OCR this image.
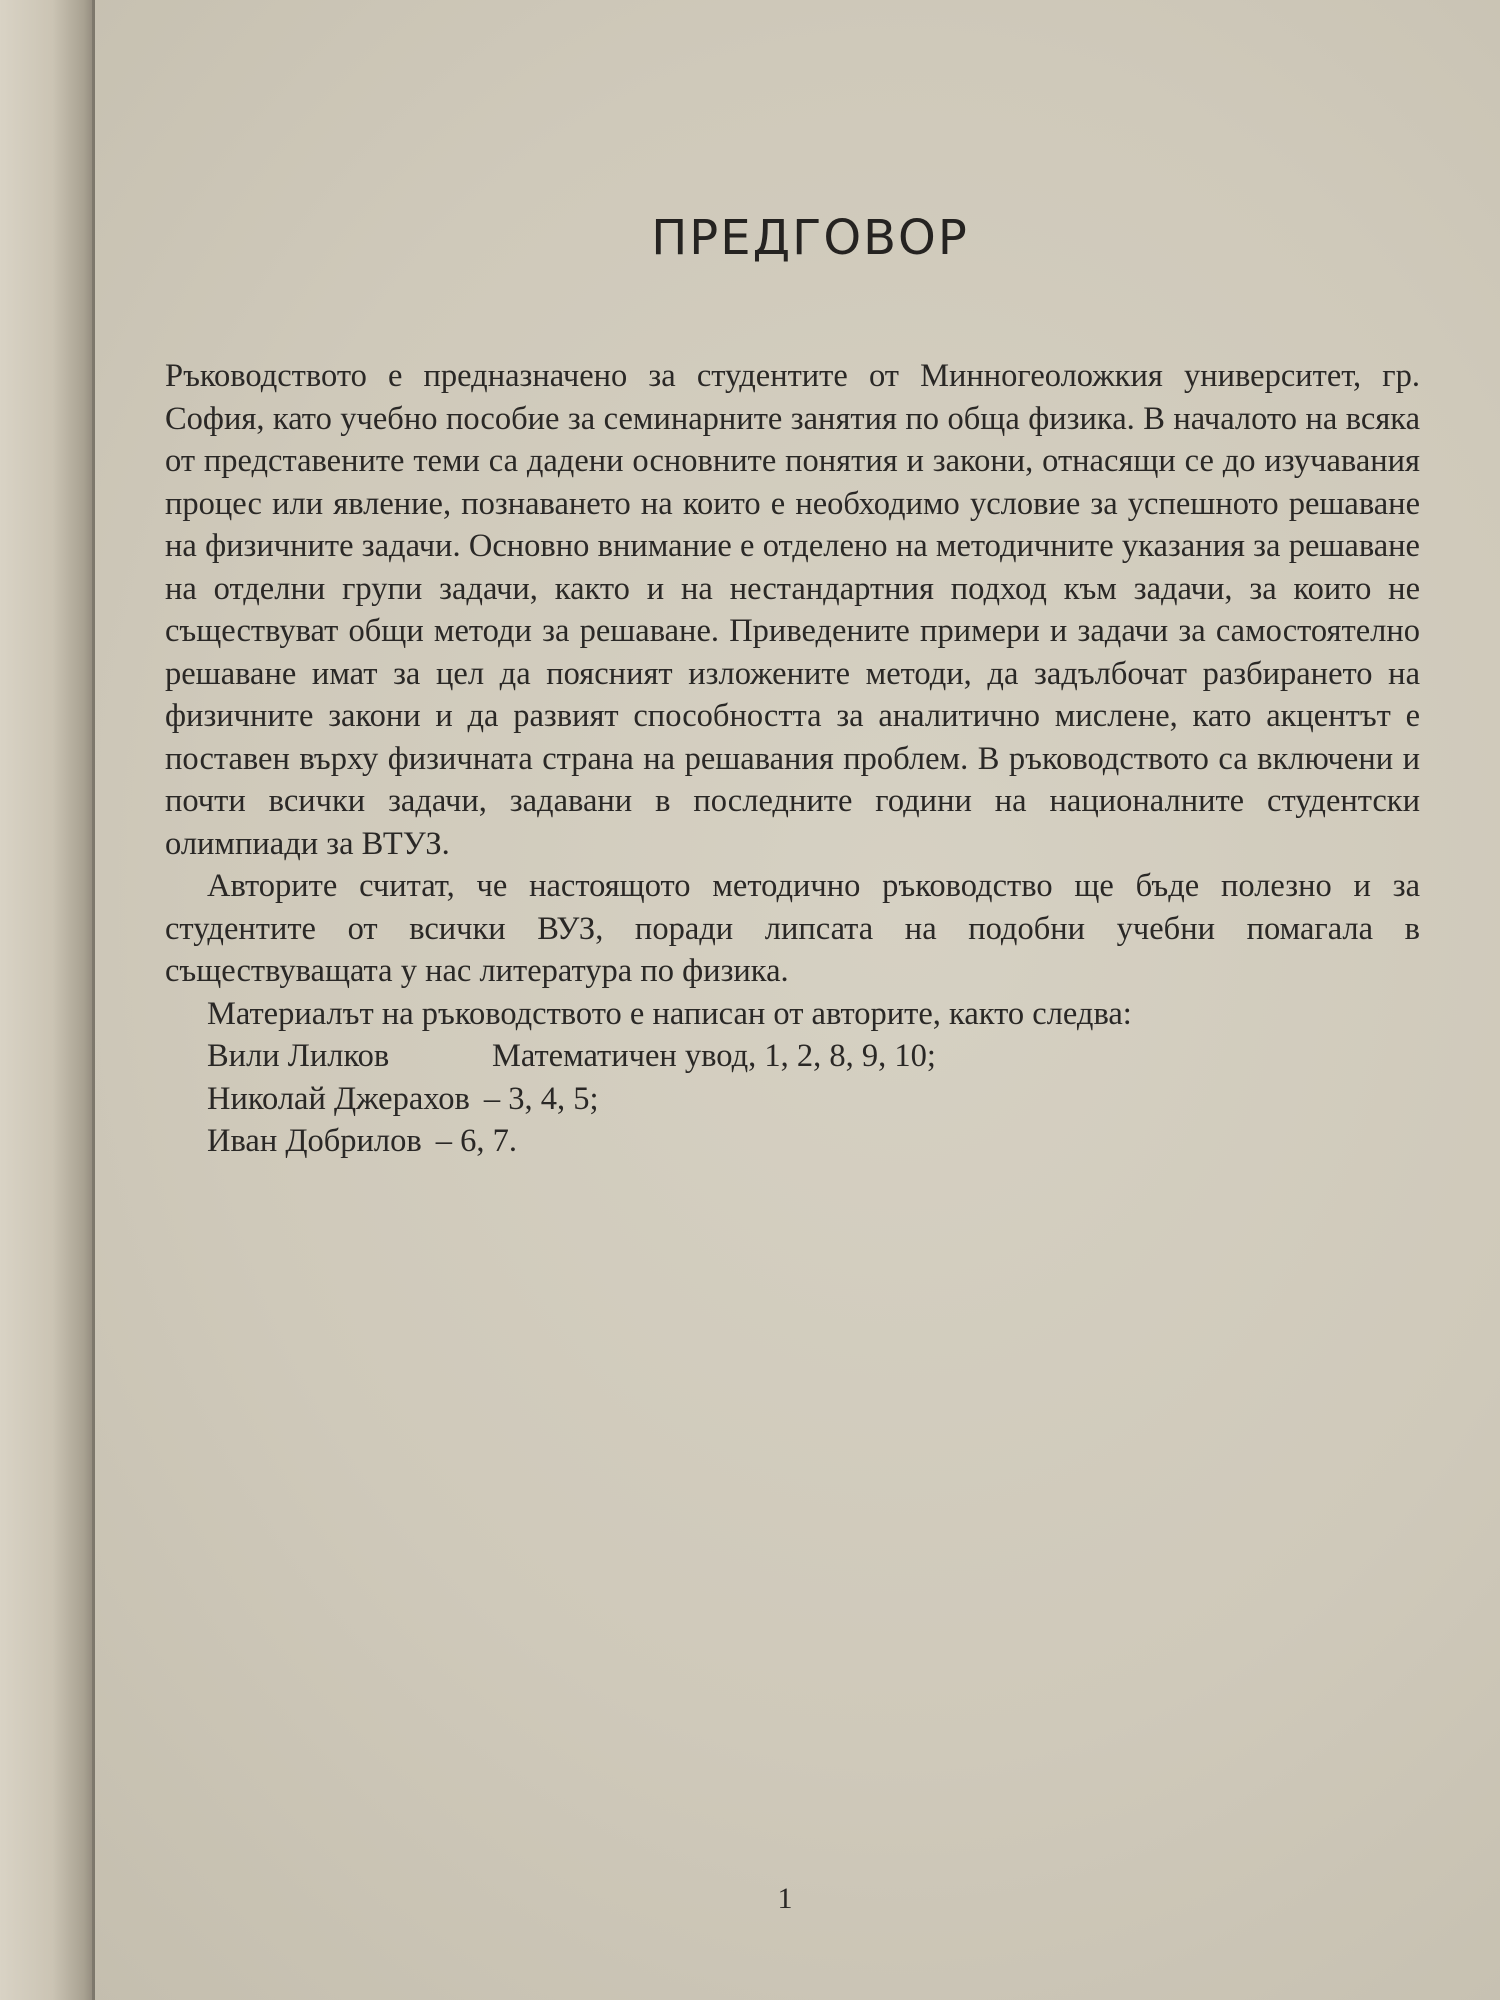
ПРЕДГОВОР

Ръководството е предназначено за студентите от Минногеоложкия университет, гр. София, като учебно пособие за семинарните занятия по обща физика. В началото на всяка от представените теми са дадени основните понятия и закони, отнасящи се до изучавания процес или явление, познаването на които е необходимо условие за успешното решаване на физичните задачи. Основно внимание е отделено на методичните указания за решаване на отделни групи задачи, както и на нестандартния подход към задачи, за които не съществуват общи методи за решаване. Приведените примери и задачи за самостоятелно решаване имат за цел да поясният изложените методи, да задълбочат разбирането на физичните закони и да развият способността за аналитично мислене, като акцентът е поставен върху физичната страна на решавания проблем. В ръководството са включени и почти всички задачи, задавани в последните години на националните студентски олимпиади за ВТУЗ.

Авторите считат, че настоящото методично ръководство ще бъде полезно и за студентите от всички ВУЗ, поради липсата на подобни учебни помагала в съществуващата у нас литература по физика.

Материалът на ръководството е написан от авторите, както следва:

Вили Лилков	Математичен увод, 1, 2, 8, 9, 10;
Николай Джерахов – 3, 4, 5;
Иван Добрилов – 6, 7.
1
